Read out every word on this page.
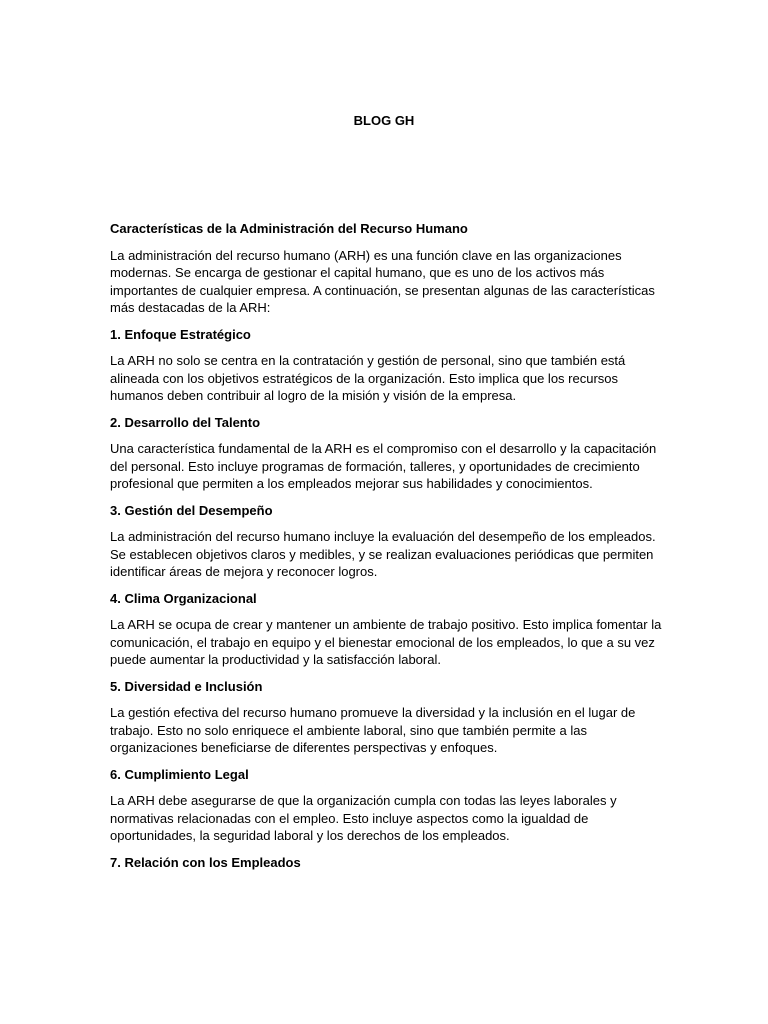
BLOG GH

Características de la Administración del Recurso Humano

La administración del recurso humano (ARH) es una función clave en las organizaciones modernas. Se encarga de gestionar el capital humano, que es uno de los activos más importantes de cualquier empresa. A continuación, se presentan algunas de las características más destacadas de la ARH:

1. Enfoque Estratégico

La ARH no solo se centra en la contratación y gestión de personal, sino que también está alineada con los objetivos estratégicos de la organización. Esto implica que los recursos humanos deben contribuir al logro de la misión y visión de la empresa.

2. Desarrollo del Talento

Una característica fundamental de la ARH es el compromiso con el desarrollo y la capacitación del personal. Esto incluye programas de formación, talleres, y oportunidades de crecimiento profesional que permiten a los empleados mejorar sus habilidades y conocimientos.

3. Gestión del Desempeño

La administración del recurso humano incluye la evaluación del desempeño de los empleados. Se establecen objetivos claros y medibles, y se realizan evaluaciones periódicas que permiten identificar áreas de mejora y reconocer logros.

4. Clima Organizacional

La ARH se ocupa de crear y mantener un ambiente de trabajo positivo. Esto implica fomentar la comunicación, el trabajo en equipo y el bienestar emocional de los empleados, lo que a su vez puede aumentar la productividad y la satisfacción laboral.

5. Diversidad e Inclusión

La gestión efectiva del recurso humano promueve la diversidad y la inclusión en el lugar de trabajo. Esto no solo enriquece el ambiente laboral, sino que también permite a las organizaciones beneficiarse de diferentes perspectivas y enfoques.

6. Cumplimiento Legal

La ARH debe asegurarse de que la organización cumpla con todas las leyes laborales y normativas relacionadas con el empleo. Esto incluye aspectos como la igualdad de oportunidades, la seguridad laboral y los derechos de los empleados.

7. Relación con los Empleados
